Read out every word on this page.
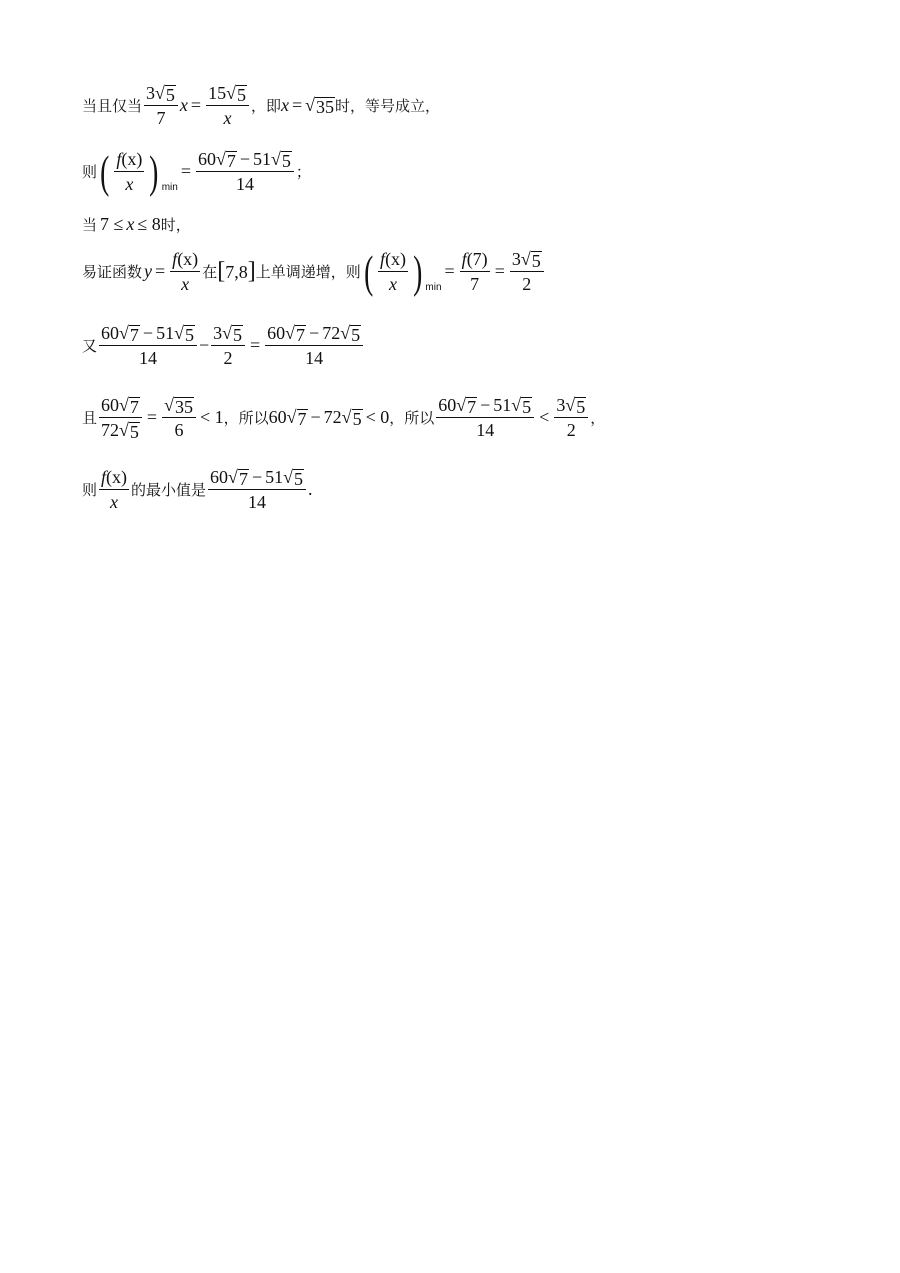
当且仅当 $\frac{3 √ 5}{7}$ $x = \frac{15 √ 5}{x}$ ，即 x = √ 35 时，等号成立，
则 ( $\frac{f(x)}{x}$ ) min
= $\frac{60 √ 7 - 51 √ 5}{14}$ ；
当 7 ≤ x ≤ 8 时，
易证函数 $y = \frac{f(x)}{x}$ 在 [7,8] 上单调递增，则 ( $\frac{f(x)}{x}$ ) min
= $\frac{f(7)}{7} = \frac{3 √ 5}{2}$
又 $\frac{60 √ 7 - 51 √ 5}{14} - \frac{3 √ 5}{2} = \frac{60 √ 7 - 72 √ 5}{14}$
且 $\frac{60 √ 7}{72 √ 5} = \frac{√ 35}{6} < 1$ ，所以 60 √ 7 − 72 √ 5 < 0 ，所以 $\frac{60 √ 7 - 51 √ 5}{14} < \frac{3 √ 5}{2}$ ，
则 $\frac{f(x)}{x}$ 的最小值是 $\frac{60 √ 7 - 51 √ 5}{14}$ .
